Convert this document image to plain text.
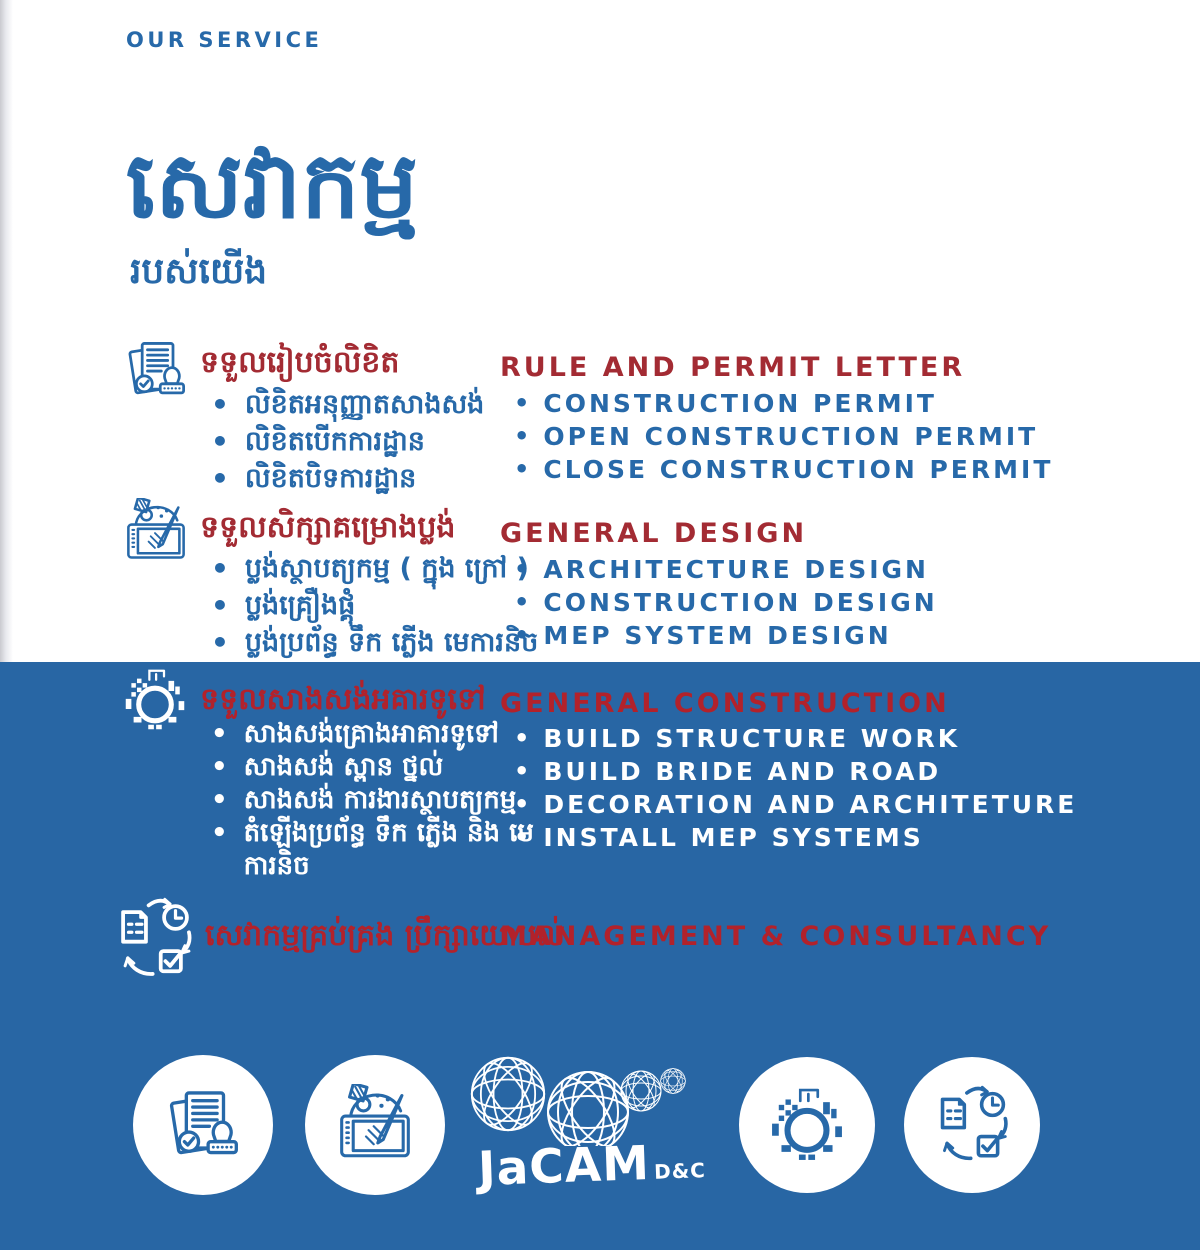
OUR SERVICE
សេវាកម្ម
របស់យើង
ទទួលរៀបចំលិខិត
• លិខិតអនុញ្ញាតសាងសង់
• លិខិតបើកការដ្ឋាន
• លិខិតបិទការដ្ឋាន
RULE AND PERMIT LETTER
• CONSTRUCTION PERMIT
• OPEN CONSTRUCTION PERMIT
• CLOSE CONSTRUCTION PERMIT
ទទួលសិក្សាគម្រោងប្លង់
• ប្លង់ស្ថាបត្យកម្ម ( ក្នុង ក្រៅ )
• ប្លង់គ្រឿងផ្គុំ
• ប្លង់ប្រព័ន្ធ ទឹក ភ្លើង មេការនិច
GENERAL DESIGN
• ARCHITECTURE DESIGN
• CONSTRUCTION DESIGN
• MEP SYSTEM DESIGN
ទទួលសាងសង់អគារទូទៅ
• សាងសង់គ្រោងអាគារទូទៅ
• សាងសង់ ស្ពាន ថ្នល់
• សាងសង់ ការងារស្ថាបត្យកម្ម
• តំឡើងប្រព័ន្ធ ទឹក ភ្លើង និង មេការនិច
GENERAL CONSTRUCTION
• BUILD STRUCTURE WORK
• BUILD BRIDE AND ROAD
• DECORATION AND ARCHITETURE
• INSTALL MEP SYSTEMS
សេវាកម្មគ្រប់គ្រង ប្រឹក្សាយោបល់
MANAGEMENT & CONSULTANCY
JaCAM D&C
